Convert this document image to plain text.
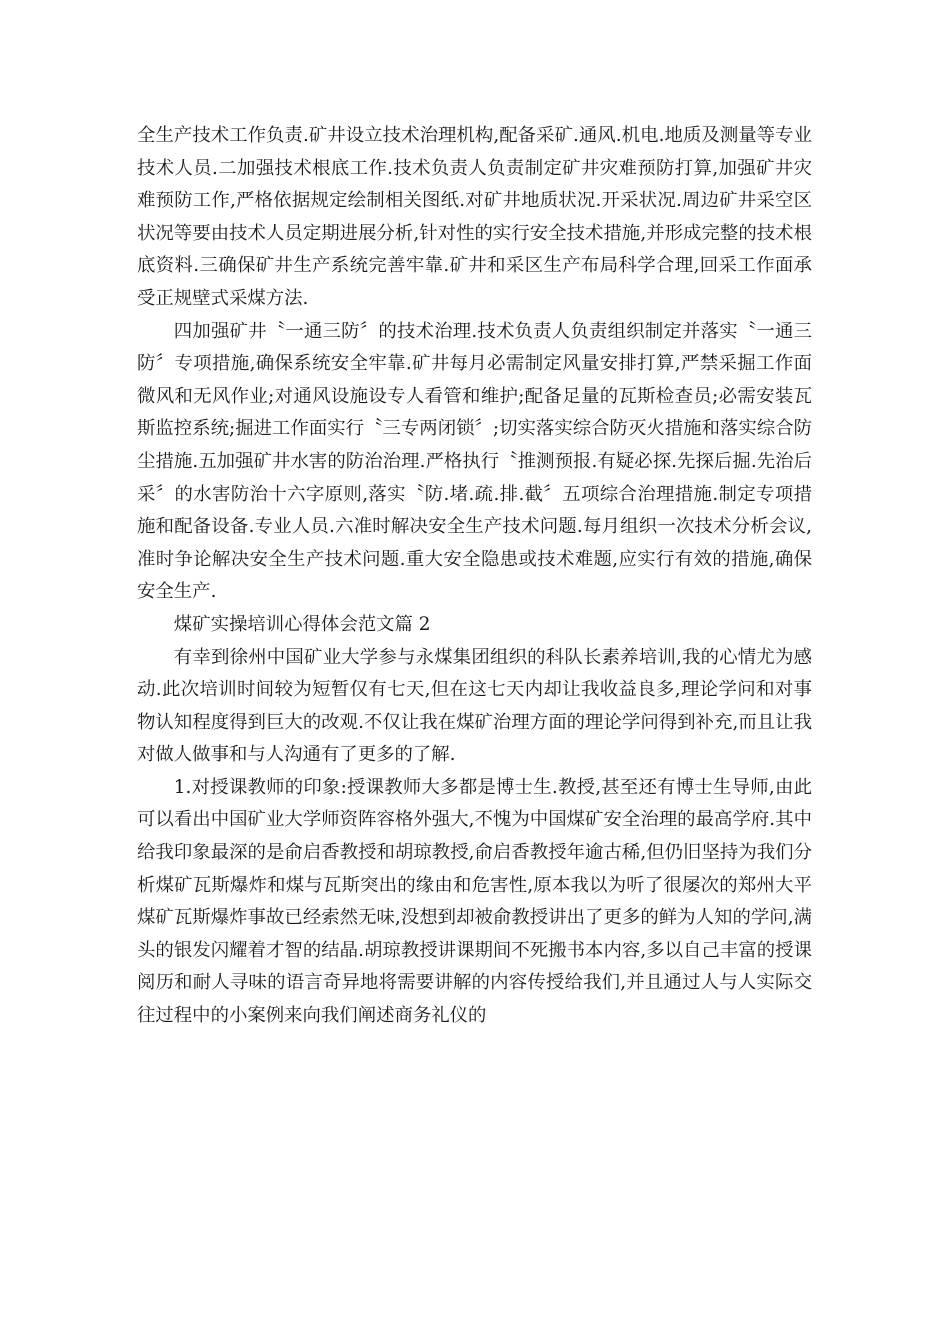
全生产技术工作负责.矿井设立技术治理机构,配备采矿.通风.机电.地质及测量等专业技术人员.二加强技术根底工作.技术负责人负责制定矿井灾难预防打算,加强矿井灾难预防工作,严格依据规定绘制相关图纸.对矿井地质状况.开采状况.周边矿井采空区状况等要由技术人员定期进展分析,针对性的实行安全技术措施,并形成完整的技术根底资料.三确保矿井生产系统完善牢靠.矿井和采区生产布局科学合理,回采工作面承受正规壁式采煤方法.

四加强矿井〝一通三防〞的技术治理.技术负责人负责组织制定并落实〝一通三防〞专项措施,确保系统安全牢靠.矿井每月必需制定风量安排打算,严禁采掘工作面微风和无风作业;对通风设施设专人看管和维护;配备足量的瓦斯检查员;必需安装瓦斯监控系统;掘进工作面实行〝三专两闭锁〞;切实落实综合防灭火措施和落实综合防尘措施.五加强矿井水害的防治治理.严格执行〝推测预报.有疑必探.先探后掘.先治后采〞的水害防治十六字原则,落实〝防.堵.疏.排.截〞五项综合治理措施.制定专项措施和配备设备.专业人员.六准时解决安全生产技术问题.每月组织一次技术分析会议,准时争论解决安全生产技术问题.重大安全隐患或技术难题,应实行有效的措施,确保安全生产.

煤矿实操培训心得体会范文篇 2

有幸到徐州中国矿业大学参与永煤集团组织的科队长素养培训,我的心情尤为感动.此次培训时间较为短暂仅有七天,但在这七天内却让我收益良多,理论学问和对事物认知程度得到巨大的改观.不仅让我在煤矿治理方面的理论学问得到补充,而且让我对做人做事和与人沟通有了更多的了解.

1.对授课教师的印象:授课教师大多都是博士生.教授,甚至还有博士生导师,由此可以看出中国矿业大学师资阵容格外强大,不愧为中国煤矿安全治理的最高学府.其中给我印象最深的是俞启香教授和胡琼教授,俞启香教授年逾古稀,但仍旧坚持为我们分析煤矿瓦斯爆炸和煤与瓦斯突出的缘由和危害性,原本我以为听了很屡次的郑州大平煤矿瓦斯爆炸事故已经索然无味,没想到却被俞教授讲出了更多的鲜为人知的学问,满头的银发闪耀着才智的结晶.胡琼教授讲课期间不死搬书本内容,多以自己丰富的授课阅历和耐人寻味的语言奇异地将需要讲解的内容传授给我们,并且通过人与人实际交往过程中的小案例来向我们阐述商务礼仪的
